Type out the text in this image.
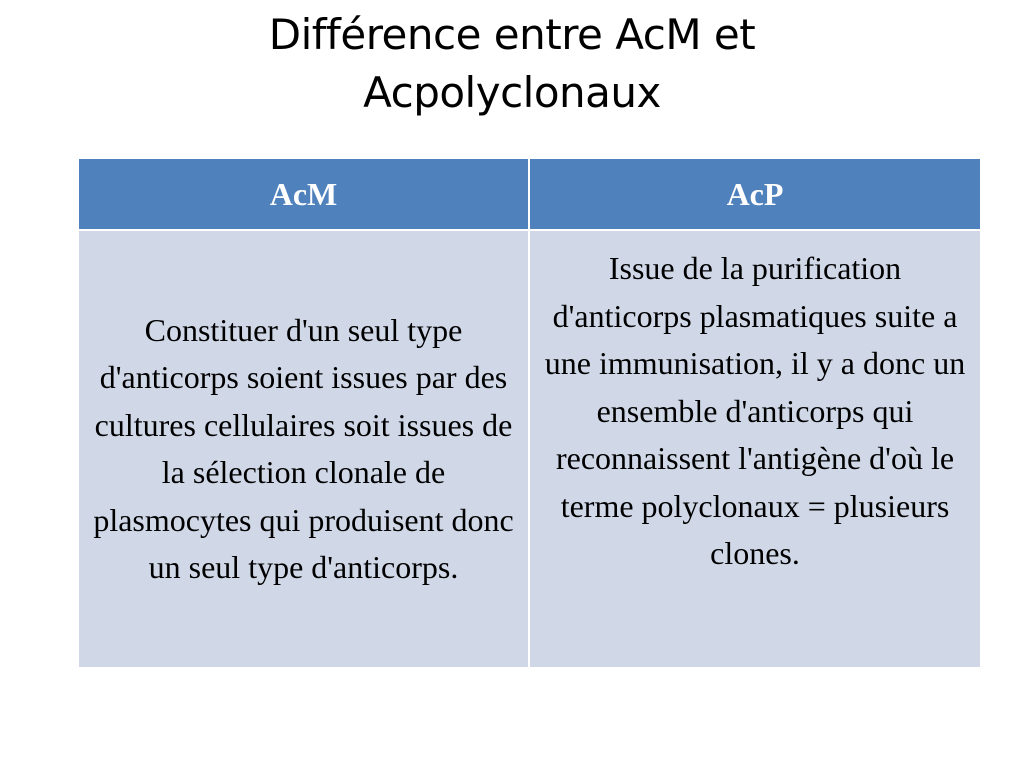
Différence entre AcM et
Acpolyclonaux
AcM	AcP
Constituer d'un seul type d'anticorps soient issues par des cultures cellulaires soit issues de la sélection clonale de plasmocytes qui produisent donc un seul type d'anticorps.	Issue de la purification d'anticorps plasmatiques suite a une immunisation, il y a donc un ensemble d'anticorps qui reconnaissent l'antigène d'où le terme polyclonaux = plusieurs clones.
